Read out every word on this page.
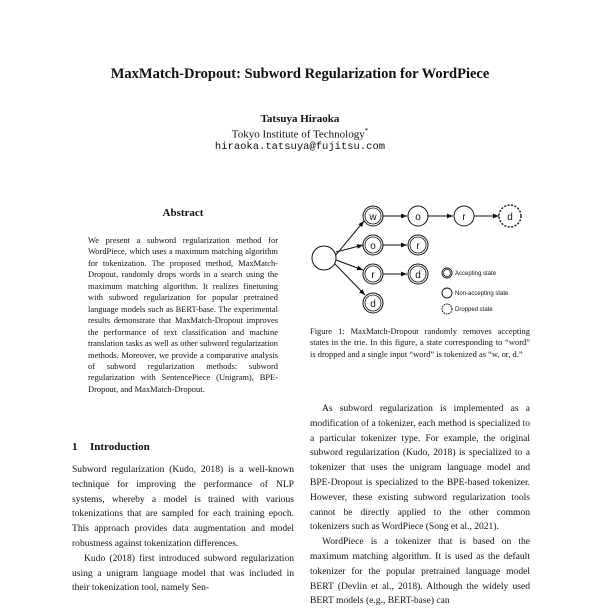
MaxMatch-Dropout: Subword Regularization for WordPiece
Tatsuya Hiraoka
Tokyo Institute of Technology*
hiraoka.tatsuya@fujitsu.com
Abstract
We present a subword regularization method for WordPiece, which uses a maximum matching algorithm for tokenization. The proposed method, MaxMatch-Dropout, randomly drops words in a search using the maximum matching algorithm. It realizes finetuning with subword regularization for popular pretrained language models such as BERT-base. The experimental results demonstrate that MaxMatch-Dropout improves the performance of text classification and machine translation tasks as well as other subword regularization methods. Moreover, we provide a comparative analysis of subword regularization methods: subword regularization with SentencePiece (Unigram), BPE-Dropout, and MaxMatch-Dropout.
1 Introduction

Subword regularization (Kudo, 2018) is a well-known technique for improving the performance of NLP systems, whereby a model is trained with various tokenizations that are sampled for each training epoch. This approach provides data augmentation and model robustness against tokenization differences.

Kudo (2018) first introduced subword regularization using a unigram language model that was included in their tokenization tool, namely Sen-

w	o	r	d
o	r
r	d
d
Accepting state
Non-accepting state
Dropped state
Figure 1: MaxMatch-Dropout randomly removes accepting states in the trie. In this figure, a state corresponding to “word” is dropped and a single input “word” is tokenized as “w, or, d.”

As subword regularization is implemented as a modification of a tokenizer, each method is specialized to a particular tokenizer type. For example, the original subword regularization (Kudo, 2018) is specialized to a tokenizer that uses the unigram language model and BPE-Dropout is specialized to the BPE-based tokenizer. However, these existing subword regularization tools cannot be directly applied to the other common tokenizers such as WordPiece (Song et al., 2021).

WordPiece is a tokenizer that is based on the maximum matching algorithm. It is used as the default tokenizer for the popular pretrained language model BERT (Devlin et al., 2018). Although the widely used BERT models (e.g., BERT-base) can
